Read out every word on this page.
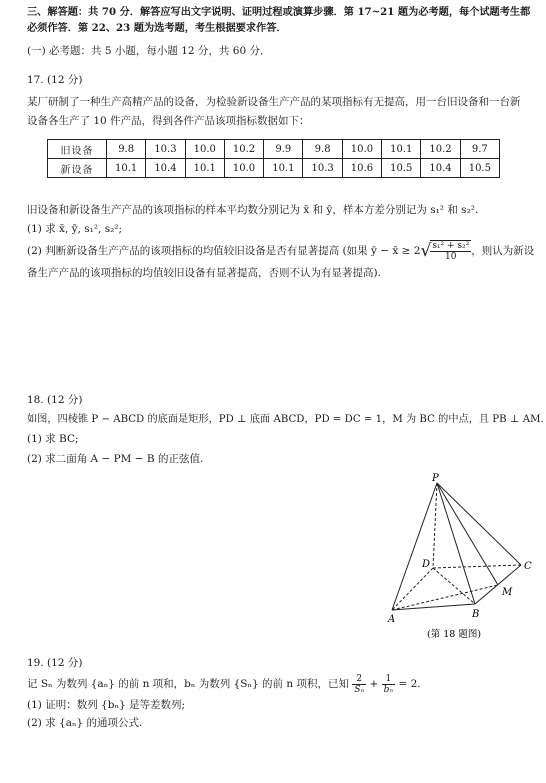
三、解答题：共 70 分．解答应写出文字说明、证明过程或演算步骤．第 17~21 题为必考题，每个试题考生都
必须作答．第 22、23 题为选考题，考生根据要求作答．
(一) 必考题：共 5 小题，每小题 12 分，共 60 分．
17. (12 分)
某厂研制了一种生产高精产品的设备，为检验新设备生产产品的某项指标有无提高，用一台旧设备和一台新
设备各生产了 10 件产品，得到各件产品该项指标数据如下：
旧设备	9.8	10.3	10.0	10.2	9.9	9.8	10.0	10.1	10.2	9.7
新设备	10.1	10.4	10.1	10.0	10.1	10.3	10.6	10.5	10.4	10.5
旧设备和新设备生产产品的该项指标的样本平均数分别记为 x̄ 和 ȳ，样本方差分别记为 s₁² 和 s₂².
(1) 求 x̄, ȳ, s₁², s₂²;
(2) 判断新设备生产产品的该项指标的均值较旧设备是否有显著提高 (如果 ȳ − x̄ ≥ $2√ \frac{\text{s₁² + s₂²}}{10}$ ，则认为新设
备生产产品的该项指标的均值较旧设备有显著提高，否则不认为有显著提高).
18. (12 分)
如图，四棱锥 P − ABCD 的底面是矩形，PD ⊥ 底面 ABCD，PD = DC = 1，M 为 BC 的中点，且 PB ⊥ AM.
(1) 求 BC;
(2) 求二面角 A − PM − B 的正弦值.
P
D	C
M
A	B
(第 18 题图)
19. (12 分)
记 Sₙ 为数列 {aₙ} 的前 n 项和，bₙ 为数列 {Sₙ} 的前 n 项积，已知 $\frac{2}{\text{Sₙ}} + \frac{1}{\text{bₙ}} = 2$.
(1) 证明：数列 {bₙ} 是等差数列;
(2) 求 {aₙ} 的通项公式.
